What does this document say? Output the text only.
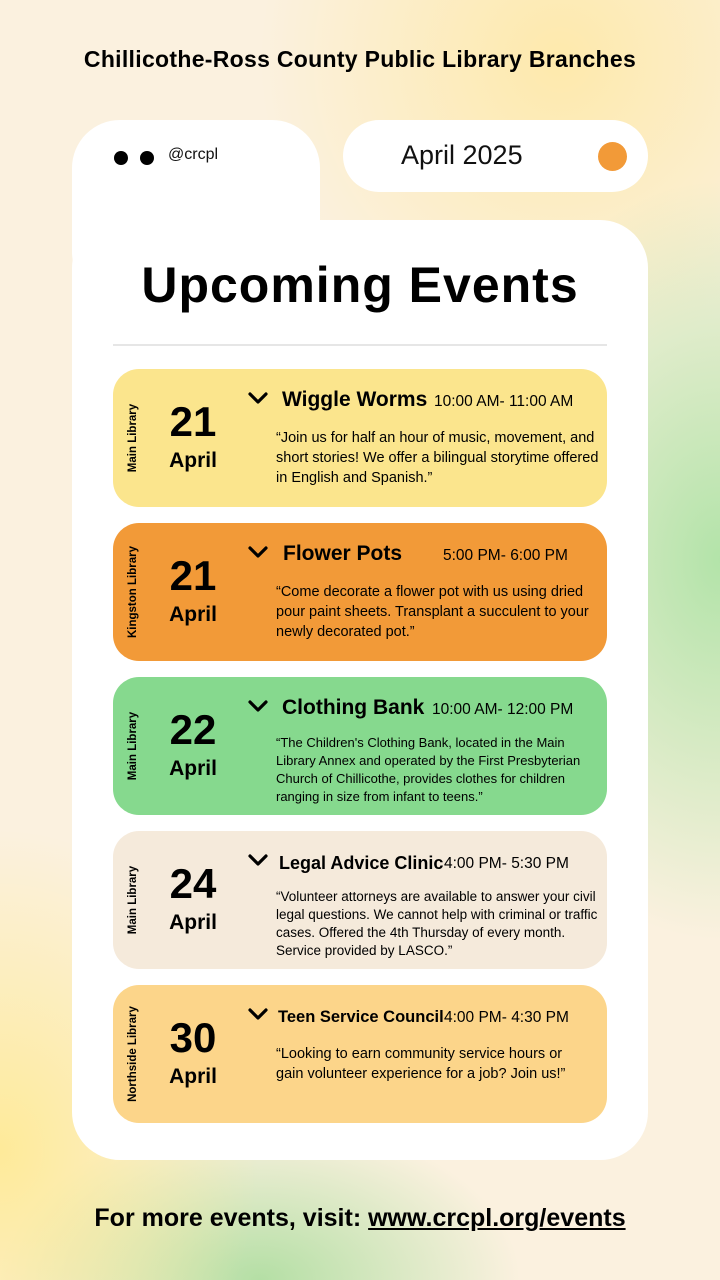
Chillicothe-Ross County Public Library Branches
@crcpl	April 2025
Upcoming Events
Main Library 21
April
Wiggle Worms 10:00 AM- 11:00 AM
“Join us for half an hour of music, movement, and short stories! We offer a bilingual storytime offered in English and Spanish.”
Kingston Library 21
April
Flower Pots	5:00 PM- 6:00 PM
“Come decorate a flower pot with us using dried pour paint sheets. Transplant a succulent to your newly decorated pot.”
Main Library 22
April
Clothing Bank 10:00 AM- 12:00 PM
“The Children's Clothing Bank, located in the Main Library Annex and operated by the First Presbyterian Church of Chillicothe, provides clothes for children ranging in size from infant to teens.”
Main Library 24
April
Legal Advice Clinic 4:00 PM- 5:30 PM
“Volunteer attorneys are available to answer your civil legal questions. We cannot help with criminal or traffic cases. Offered the 4th Thursday of every month. Service provided by LASCO.”
Northside Library 30
April
Teen Service Council 4:00 PM- 4:30 PM
“Looking to earn community service hours or gain volunteer experience for a job? Join us!”
For more events, visit: www.crcpl.org/events
